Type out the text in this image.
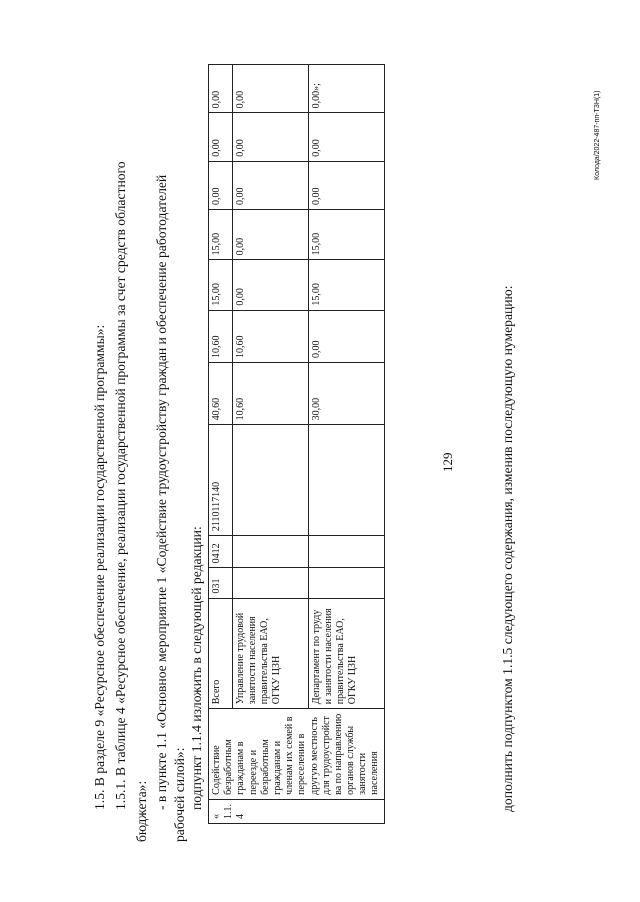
129
1.5. В разделе 9 «Ресурсное обеспечение реализации государственной программы»: 1.5.1. В таблице 4 «Ресурсное обеспечение, реализации государственной программы за счет средств областного
бюджета»:
- в пункте 1.1 «Основное мероприятие 1 «Содействие трудоустройству граждан и обеспечение работодателей рабочей силой»: подпункт 1.1.4 изложить в следующей редакции:
« 1.1. 4	Содействие безработным гражданам в переезде и безработным гражданам и членам их семей в переселении в другую местность для трудоустройст ва по направлению органов службы занятости населения	Всего	031	0412	2110117140	40,60	10,60	15,00	15,00	0,00	0,00	0,00
		Управление трудовой занятости населения правительства ЕАО, ОГКУ ЦЗН				10,60	10,60	0,00	0,00	0,00	0,00	0,00
		Департамент по труду и занятости населения правительства ЕАО, ОГКУ ЦЗН				30,00	0,00	15,00	15,00	0,00	0,00	0,00»;
дополнить подпунктом 1.1.5 следующего содержания, изменив последующую нумерацию:
Колода/2022-487-пп-ТЗН(1)
